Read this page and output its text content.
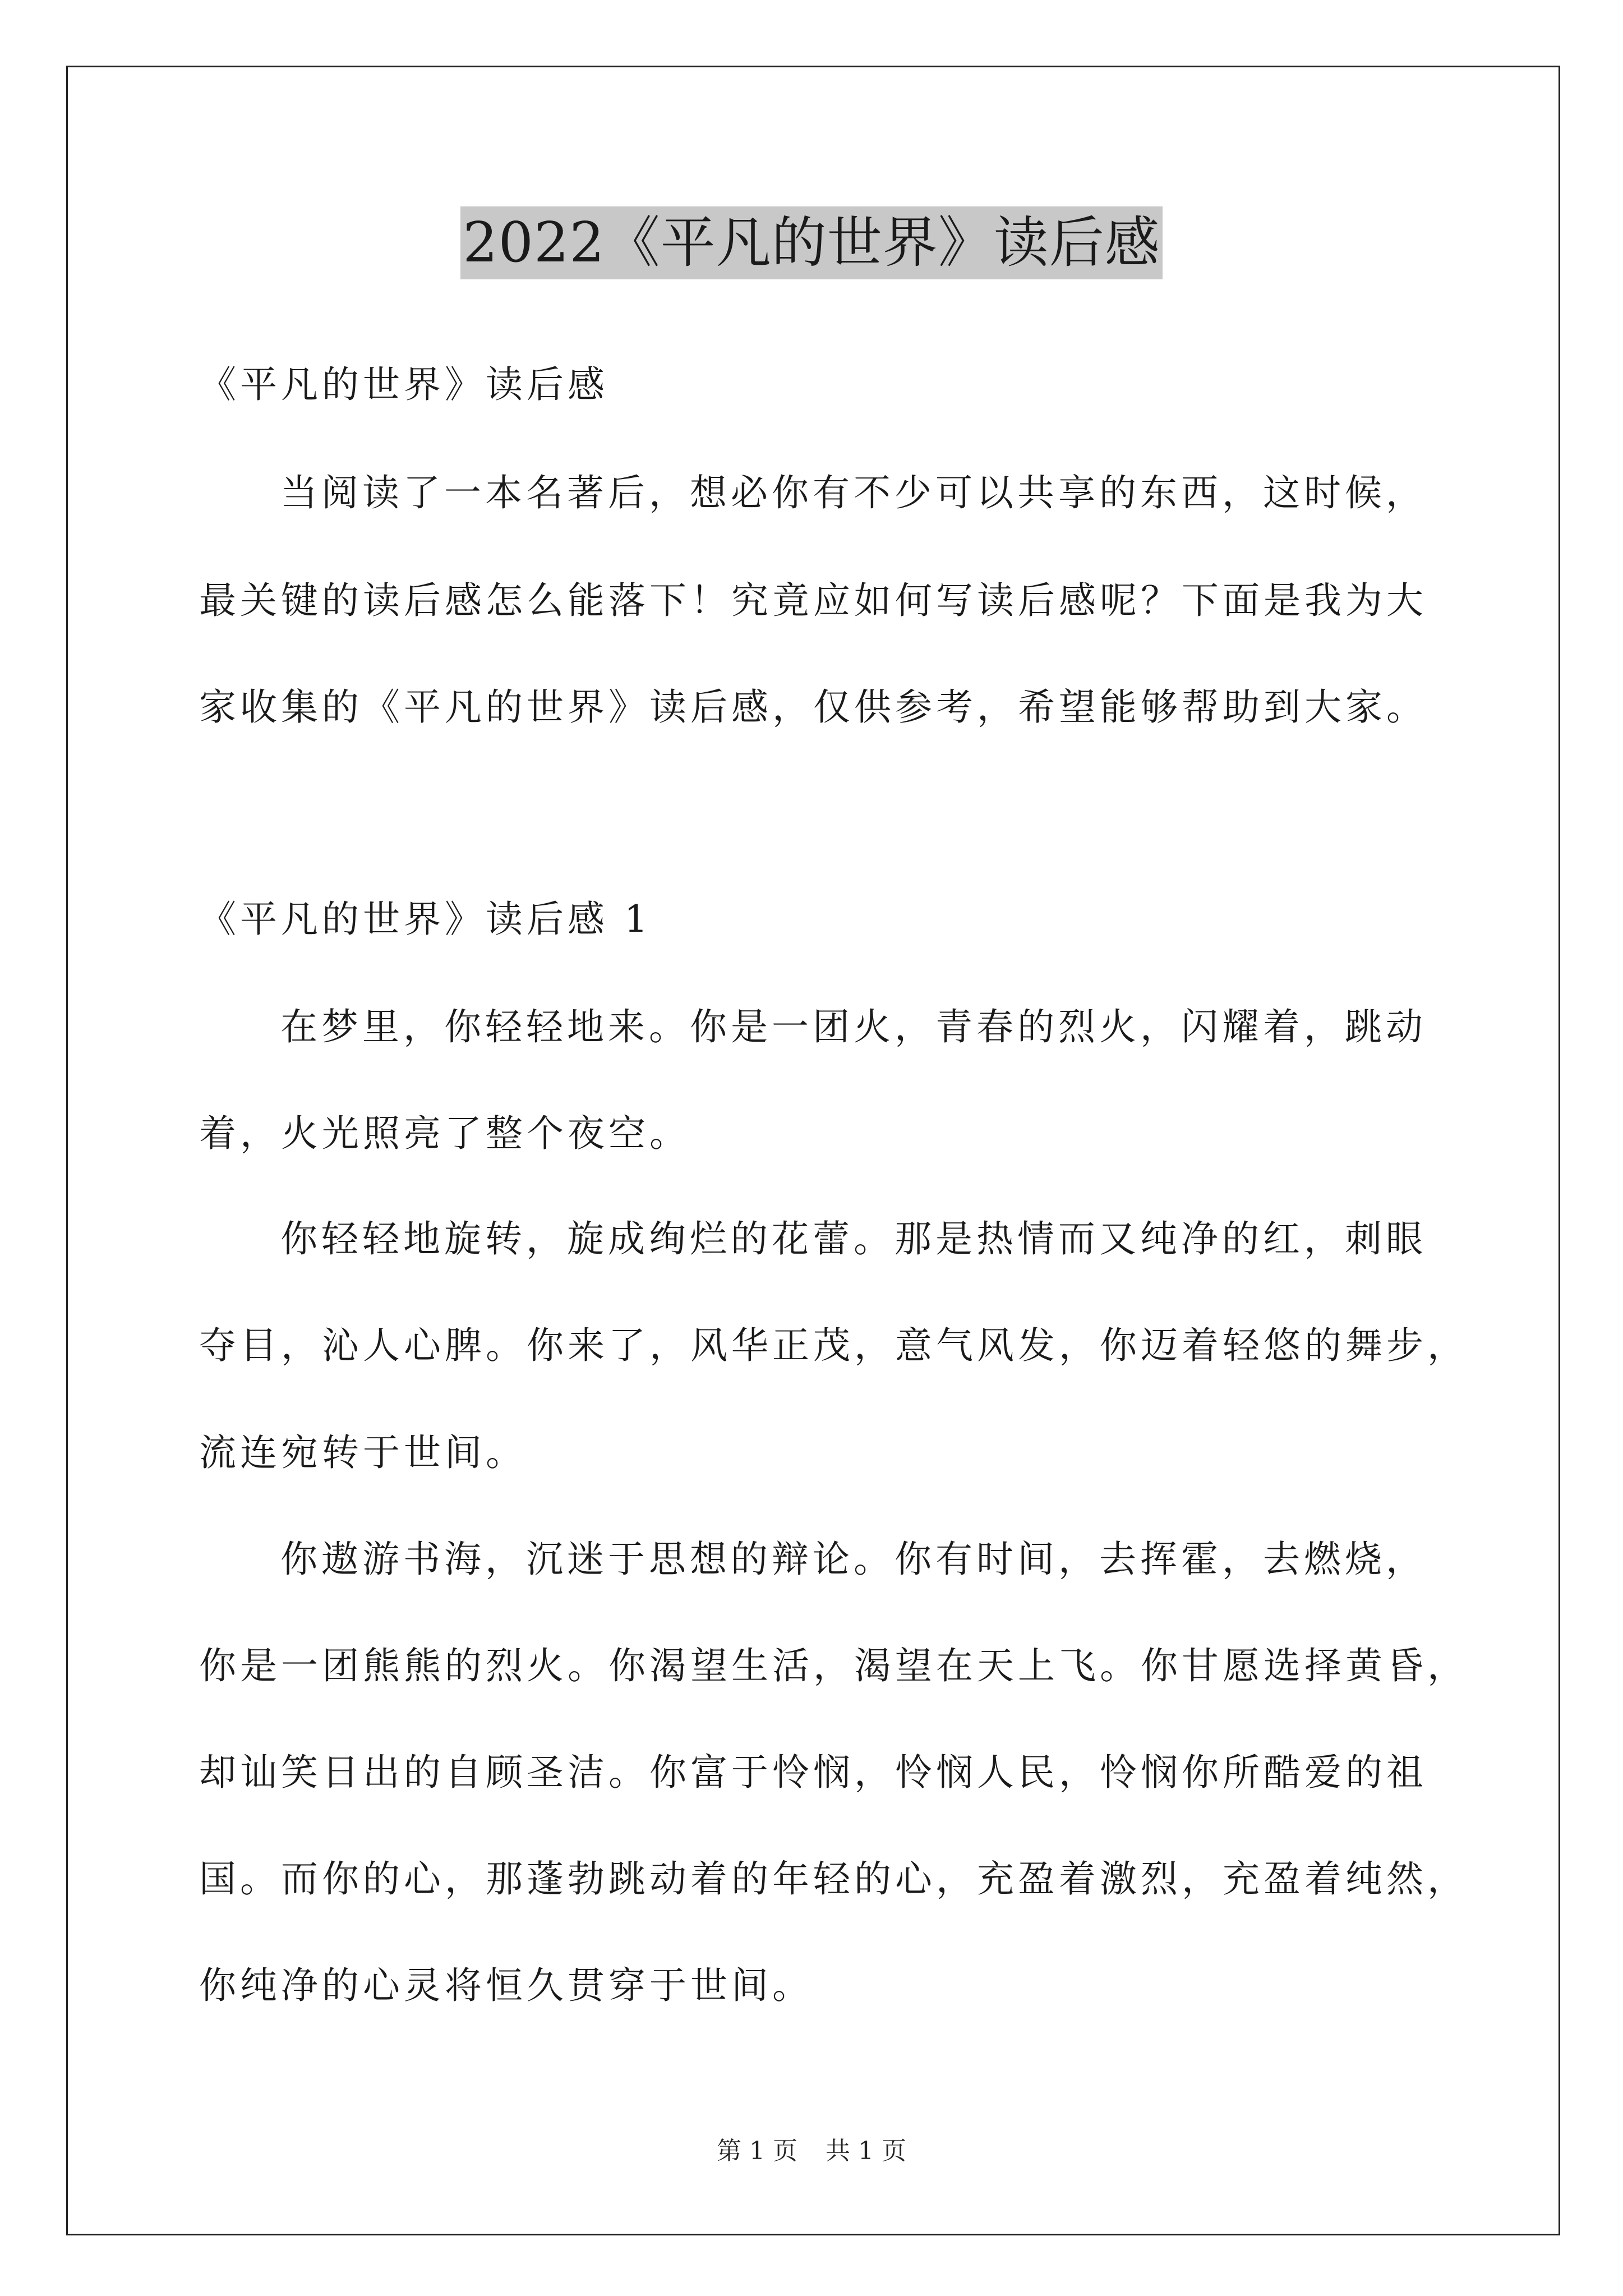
2022《平凡的世界》读后感
《平凡的世界》读后感
当阅读了一本名著后，想必你有不少可以共享的东西，这时候，
最关键的读后感怎么能落下！究竟应如何写读后感呢？下面是我为大
家收集的《平凡的世界》读后感，仅供参考，希望能够帮助到大家。
《平凡的世界》读后感 1
在梦里，你轻轻地来。你是一团火，青春的烈火，闪耀着，跳动
着，火光照亮了整个夜空。
你轻轻地旋转，旋成绚烂的花蕾。那是热情而又纯净的红，刺眼
夺目，沁人心脾。你来了，风华正茂，意气风发，你迈着轻悠的舞步，
流连宛转于世间。
你遨游书海，沉迷于思想的辩论。你有时间，去挥霍，去燃烧，
你是一团熊熊的烈火。你渴望生活，渴望在天上飞。你甘愿选择黄昏，
却讪笑日出的自顾圣洁。你富于怜悯，怜悯人民，怜悯你所酷爱的祖
国。而你的心，那蓬勃跳动着的年轻的心，充盈着激烈，充盈着纯然，
你纯净的心灵将恒久贯穿于世间。
第 1 页 共 1 页
